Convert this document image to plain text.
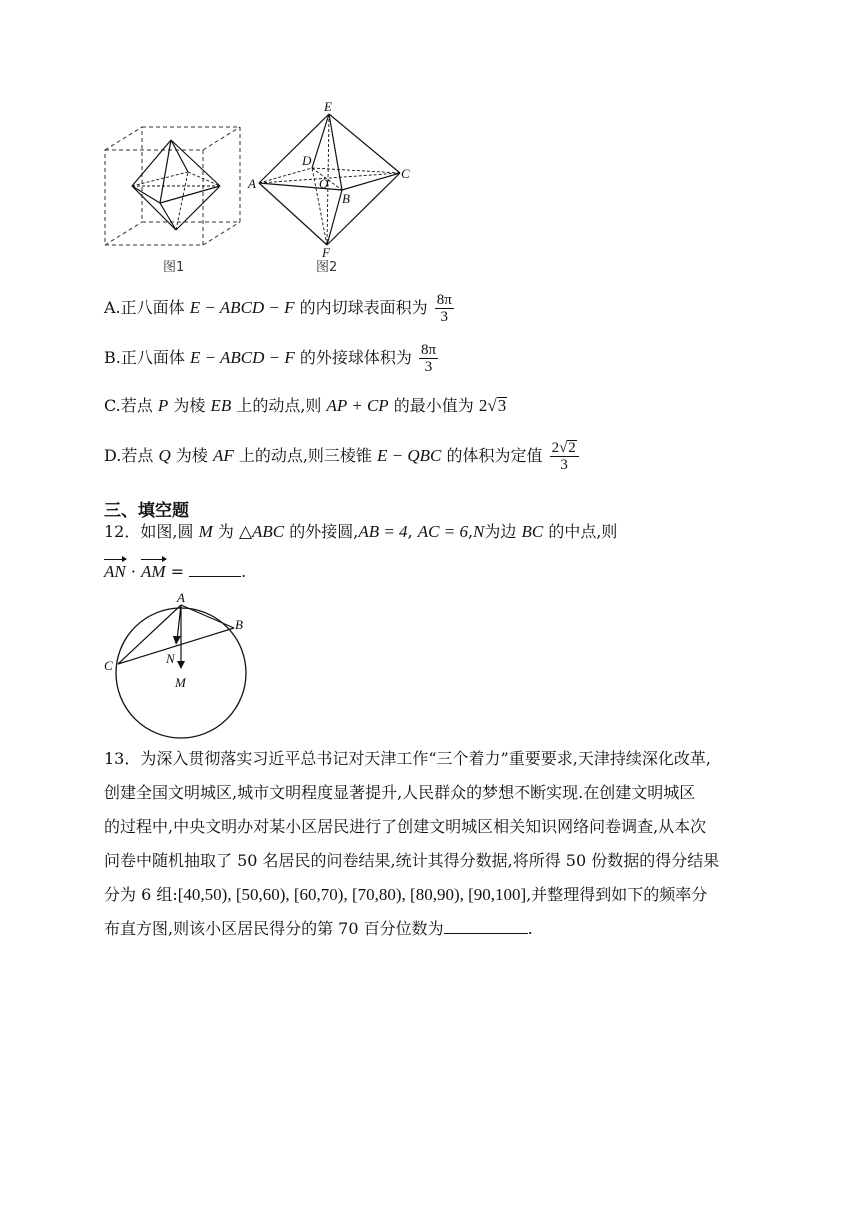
图1
E
D
A	O
B
C
F
图2
A.正八面体 E − ABCD − F 的内切球表面积为 $\frac{8\pi}{3}$
B.正八面体 E − ABCD − F 的外接球体积为 $\frac{8\pi}{3}$
C.若点 P 为棱 EB 上的动点,则 AP + CP 的最小值为 2√3
D.若点 Q 为棱 AF 上的动点,则三棱锥 E − QBC 的体积为定值 $\frac{2√2}{3}$
三、填空题
12．如图,圆 M 为 △ABC 的外接圆,AB = 4, AC = 6,N为边 BC 的中点,则
AN · AM =	.
A
B
C	N
M
13．为深入贯彻落实习近平总书记对天津工作“三个着力”重要要求,天津持续深化改革,
创建全国文明城区,城市文明程度显著提升,人民群众的梦想不断实现.在创建文明城区
的过程中,中央文明办对某小区居民进行了创建文明城区相关知识网络问卷调查,从本次
问卷中随机抽取了 50 名居民的问卷结果,统计其得分数据,将所得 50 份数据的得分结果
分为 6 组:[40,50), [50,60), [60,70), [70,80), [80,90), [90,100],并整理得到如下的频率分
布直方图,则该小区居民得分的第 70 百分位数为	.
